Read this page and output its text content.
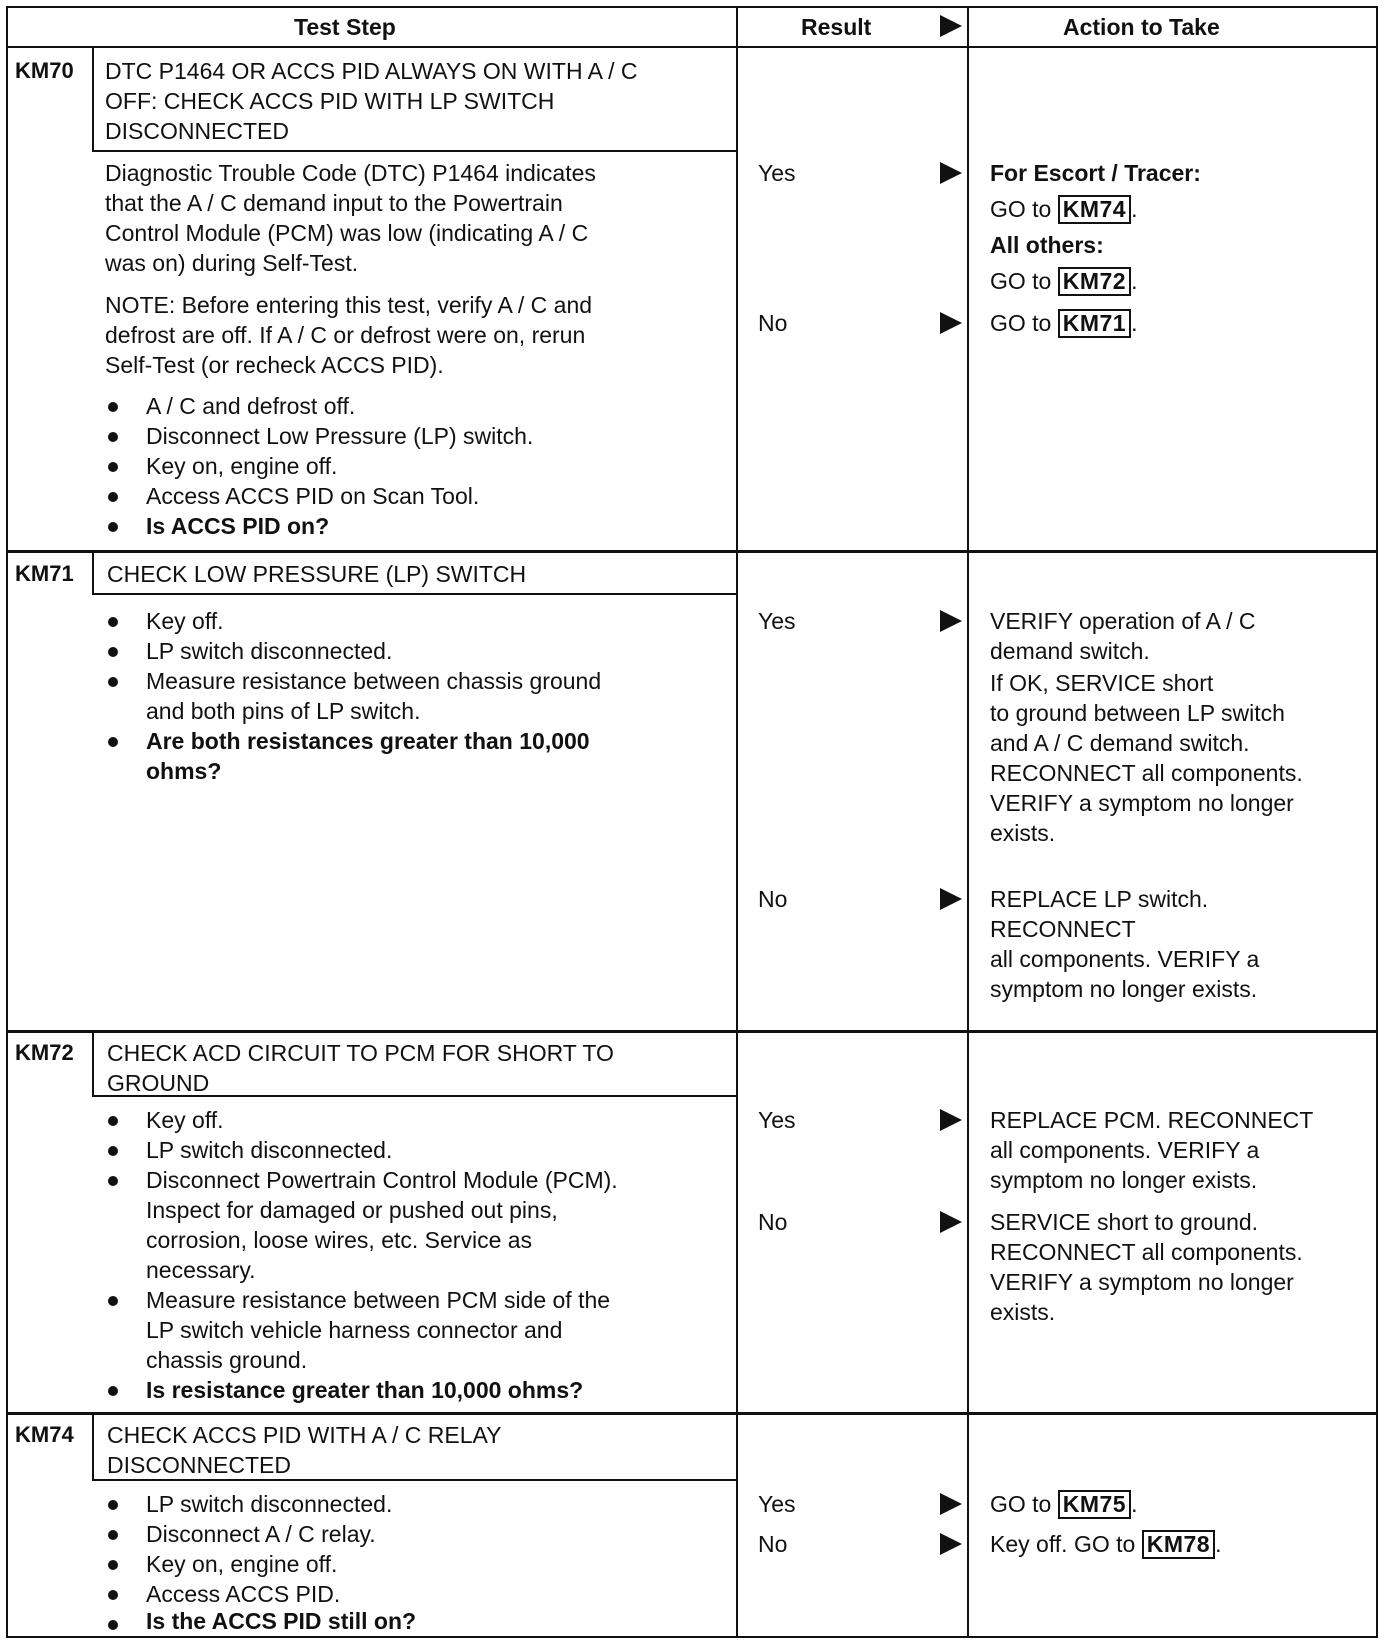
Test Step	Result	Action to Take
KM70 DTC P1464 OR ACCS PID ALWAYS ON WITH A / C
OFF: CHECK ACCS PID WITH LP SWITCH
DISCONNECTED
Diagnostic Trouble Code (DTC) P1464 indicates
that the A / C demand input to the Powertrain
Control Module (PCM) was low (indicating A / C
was on) during Self-Test.
NOTE: Before entering this test, verify A / C and
defrost are off. If A / C or defrost were on, rerun
Self-Test (or recheck ACCS PID).
A / C and defrost off.
Disconnect Low Pressure (LP) switch.
Key on, engine off.
Access ACCS PID on Scan Tool.
Is ACCS PID on?
Yes	For Escort / Tracer:
GO to KM74 .
All others:
GO to KM72 .
No	GO to KM71 .
KM71 CHECK LOW PRESSURE (LP) SWITCH
Key off.
LP switch disconnected.
Measure resistance between chassis ground
and both pins of LP switch.
Are both resistances greater than 10,000
ohms?
Yes	VERIFY operation of A / C
demand switch.
If OK, SERVICE short
to ground between LP switch
and A / C demand switch.
RECONNECT all components.
VERIFY a symptom no longer
exists.
No	REPLACE LP switch.
RECONNECT
all components. VERIFY a
symptom no longer exists.
KM72 CHECK ACD CIRCUIT TO PCM FOR SHORT TO
GROUND
Key off.
LP switch disconnected.
Disconnect Powertrain Control Module (PCM).
Inspect for damaged or pushed out pins,
corrosion, loose wires, etc. Service as
necessary.
Measure resistance between PCM side of the
LP switch vehicle harness connector and
chassis ground.
Is resistance greater than 10,000 ohms?
Yes	REPLACE PCM. RECONNECT
all components. VERIFY a
symptom no longer exists.
No	SERVICE short to ground.
RECONNECT all components.
VERIFY a symptom no longer
exists.
KM74 CHECK ACCS PID WITH A / C RELAY
DISCONNECTED
LP switch disconnected.
Disconnect A / C relay.
Key on, engine off.
Access ACCS PID.
Is the ACCS PID still on?
Yes	GO to KM75 .
No	Key off. GO to KM78 .
